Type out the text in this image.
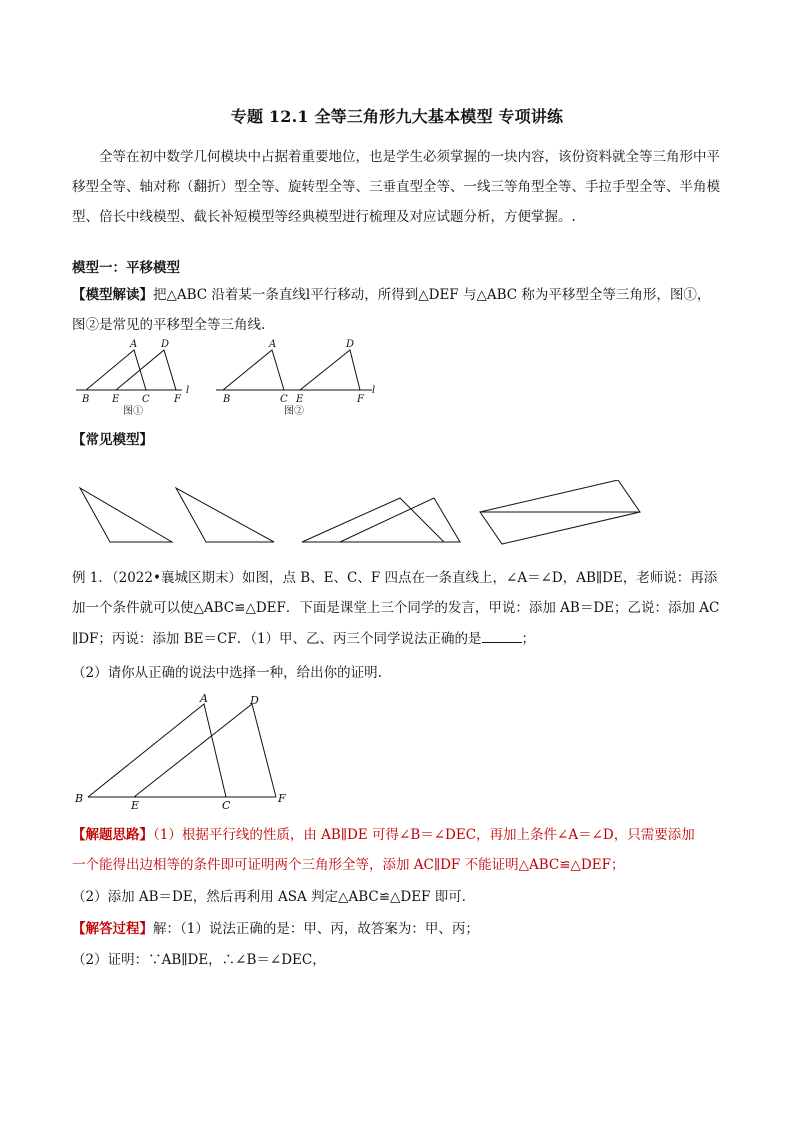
专题 12.1 全等三角形九大基本模型 专项讲练
全等在初中数学几何模块中占据着重要地位，也是学生必须掌握的一块内容，该份资料就全等三角形中平移型全等、轴对称（翻折）型全等、旋转型全等、三垂直型全等、一线三等角型全等、手拉手型全等、半角模型、倍长中线模型、截长补短模型等经典模型进行梳理及对应试题分析，方便掌握。.
模型一：平移模型
【模型解读】把△ABC 沿着某一条直线l平行移动，所得到△DEF 与△ABC 称为平移型全等三角形，图①，
图②是常见的平移型全等三角线.
A D
B E C F
l
图①
A	D
B	C E	F
l
图②
【常见模型】
例 1．（2022•襄城区期末）如图，点 B、E、C、F 四点在一条直线上，∠A＝∠D，AB∥DE，老师说：再添
加一个条件就可以使△ABC≌△DEF．下面是课堂上三个同学的发言，甲说：添加 AB＝DE；乙说：添加 AC
∥DF；丙说：添加 BE＝CF．（1）甲、乙、丙三个同学说法正确的是	；
（2）请你从正确的说法中选择一种，给出你的证明.
A	D
B
E	C
F
【解题思路】（1）根据平行线的性质，由 AB∥DE 可得∠B＝∠DEC，再加上条件∠A＝∠D，只需要添加
一个能得出边相等的条件即可证明两个三角形全等，添加 AC∥DF 不能证明△ABC≌△DEF；
（2）添加 AB＝DE，然后再利用 ASA 判定△ABC≌△DEF 即可．
【解答过程】解：（1）说法正确的是：甲、丙，故答案为：甲、丙；
（2）证明：∵AB∥DE，∴∠B＝∠DEC，
